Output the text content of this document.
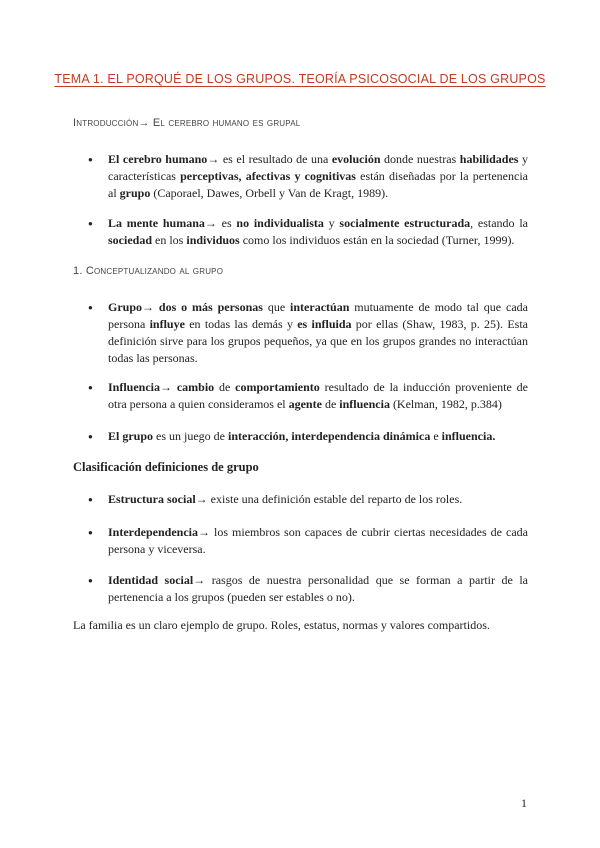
TEMA 1. EL PORQUÉ DE LOS GRUPOS. TEORÍA PSICOSOCIAL DE LOS GRUPOS
Introducción→ El cerebro humano es grupal
● El cerebro humano→ es el resultado de una evolución donde nuestras habilidades y características perceptivas, afectivas y cognitivas están diseñadas por la pertenencia al grupo (Caporael, Dawes, Orbell y Van de Kragt, 1989).
● La mente humana→ es no individualista y socialmente estructurada, estando la sociedad en los individuos como los individuos están en la sociedad (Turner, 1999).
1. Conceptualizando al grupo
● Grupo→ dos o más personas que interactúan mutuamente de modo tal que cada persona influye en todas las demás y es influida por ellas (Shaw, 1983, p. 25). Esta definición sirve para los grupos pequeños, ya que en los grupos grandes no interactúan todas las personas.
● Influencia→ cambio de comportamiento resultado de la inducción proveniente de otra persona a quien consideramos el agente de influencia (Kelman, 1982, p.384)
● El grupo es un juego de interacción, interdependencia dinámica e influencia.
Clasificación definiciones de grupo
● Estructura social→ existe una definición estable del reparto de los roles.
● Interdependencia→ los miembros son capaces de cubrir ciertas necesidades de cada persona y viceversa.
● Identidad social→ rasgos de nuestra personalidad que se forman a partir de la pertenencia a los grupos (pueden ser estables o no).
La familia es un claro ejemplo de grupo. Roles, estatus, normas y valores compartidos.
1
